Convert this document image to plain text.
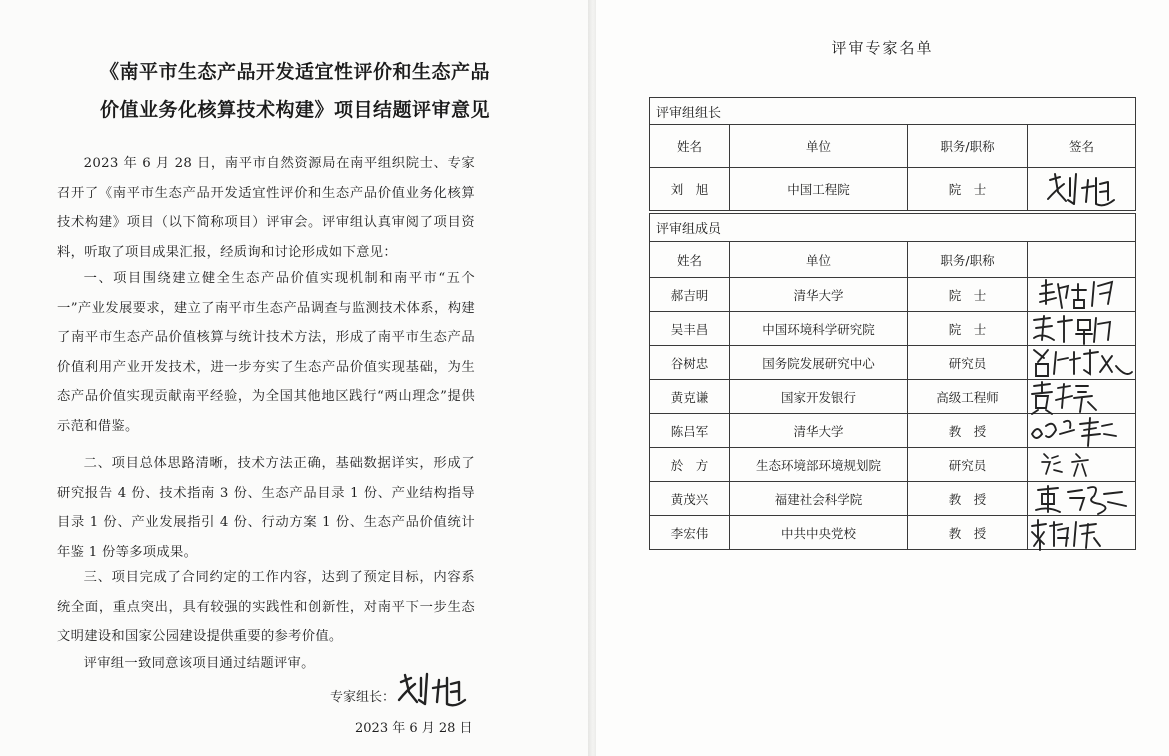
《南平市生态产品开发适宜性评价和生态产品
价值业务化核算技术构建》项目结题评审意见
2023 年 6 月 28 日，南平市自然资源局在南平组织院士、专家召开了《南平市生态产品开发适宜性评价和生态产品价值业务化核算技术构建》项目（以下简称项目）评审会。评审组认真审阅了项目资料，听取了项目成果汇报，经质询和讨论形成如下意见：
一、项目围绕建立健全生态产品价值实现机制和南平市“五个一”产业发展要求，建立了南平市生态产品调查与监测技术体系，构建了南平市生态产品价值核算与统计技术方法，形成了南平市生态产品价值利用产业开发技术，进一步夯实了生态产品价值实现基础，为生态产品价值实现贡献南平经验，为全国其他地区践行“两山理念”提供示范和借鉴。
二、项目总体思路清晰，技术方法正确，基础数据详实，形成了研究报告 4 份、技术指南 3 份、生态产品目录 1 份、产业结构指导目录 1 份、产业发展指引 4 份、行动方案 1 份、生态产品价值统计年鉴 1 份等多项成果。
三、项目完成了合同约定的工作内容，达到了预定目标，内容系统全面，重点突出，具有较强的实践性和创新性，对南平下一步生态文明建设和国家公园建设提供重要的参考价值。
评审组一致同意该项目通过结题评审。
专家组长：
2023 年 6 月 28 日
评审专家名单
评审组组长			
姓名	单位	职务/职称	签名
刘　旭	中国工程院	院　士	
评审组成员			
姓名	单位	职务/职称	
郝吉明	清华大学	院　士	

吴丰昌	中国环境科学研究院	院　士	

谷树忠	国务院发展研究中心	研究员	

黄克谦	国家开发银行	高级工程师	

陈吕军	清华大学	教　授	

於　方	生态环境部环境规划院	研究员	

黄茂兴	福建社会科学院	教　授	

李宏伟	中共中央党校	教　授	
